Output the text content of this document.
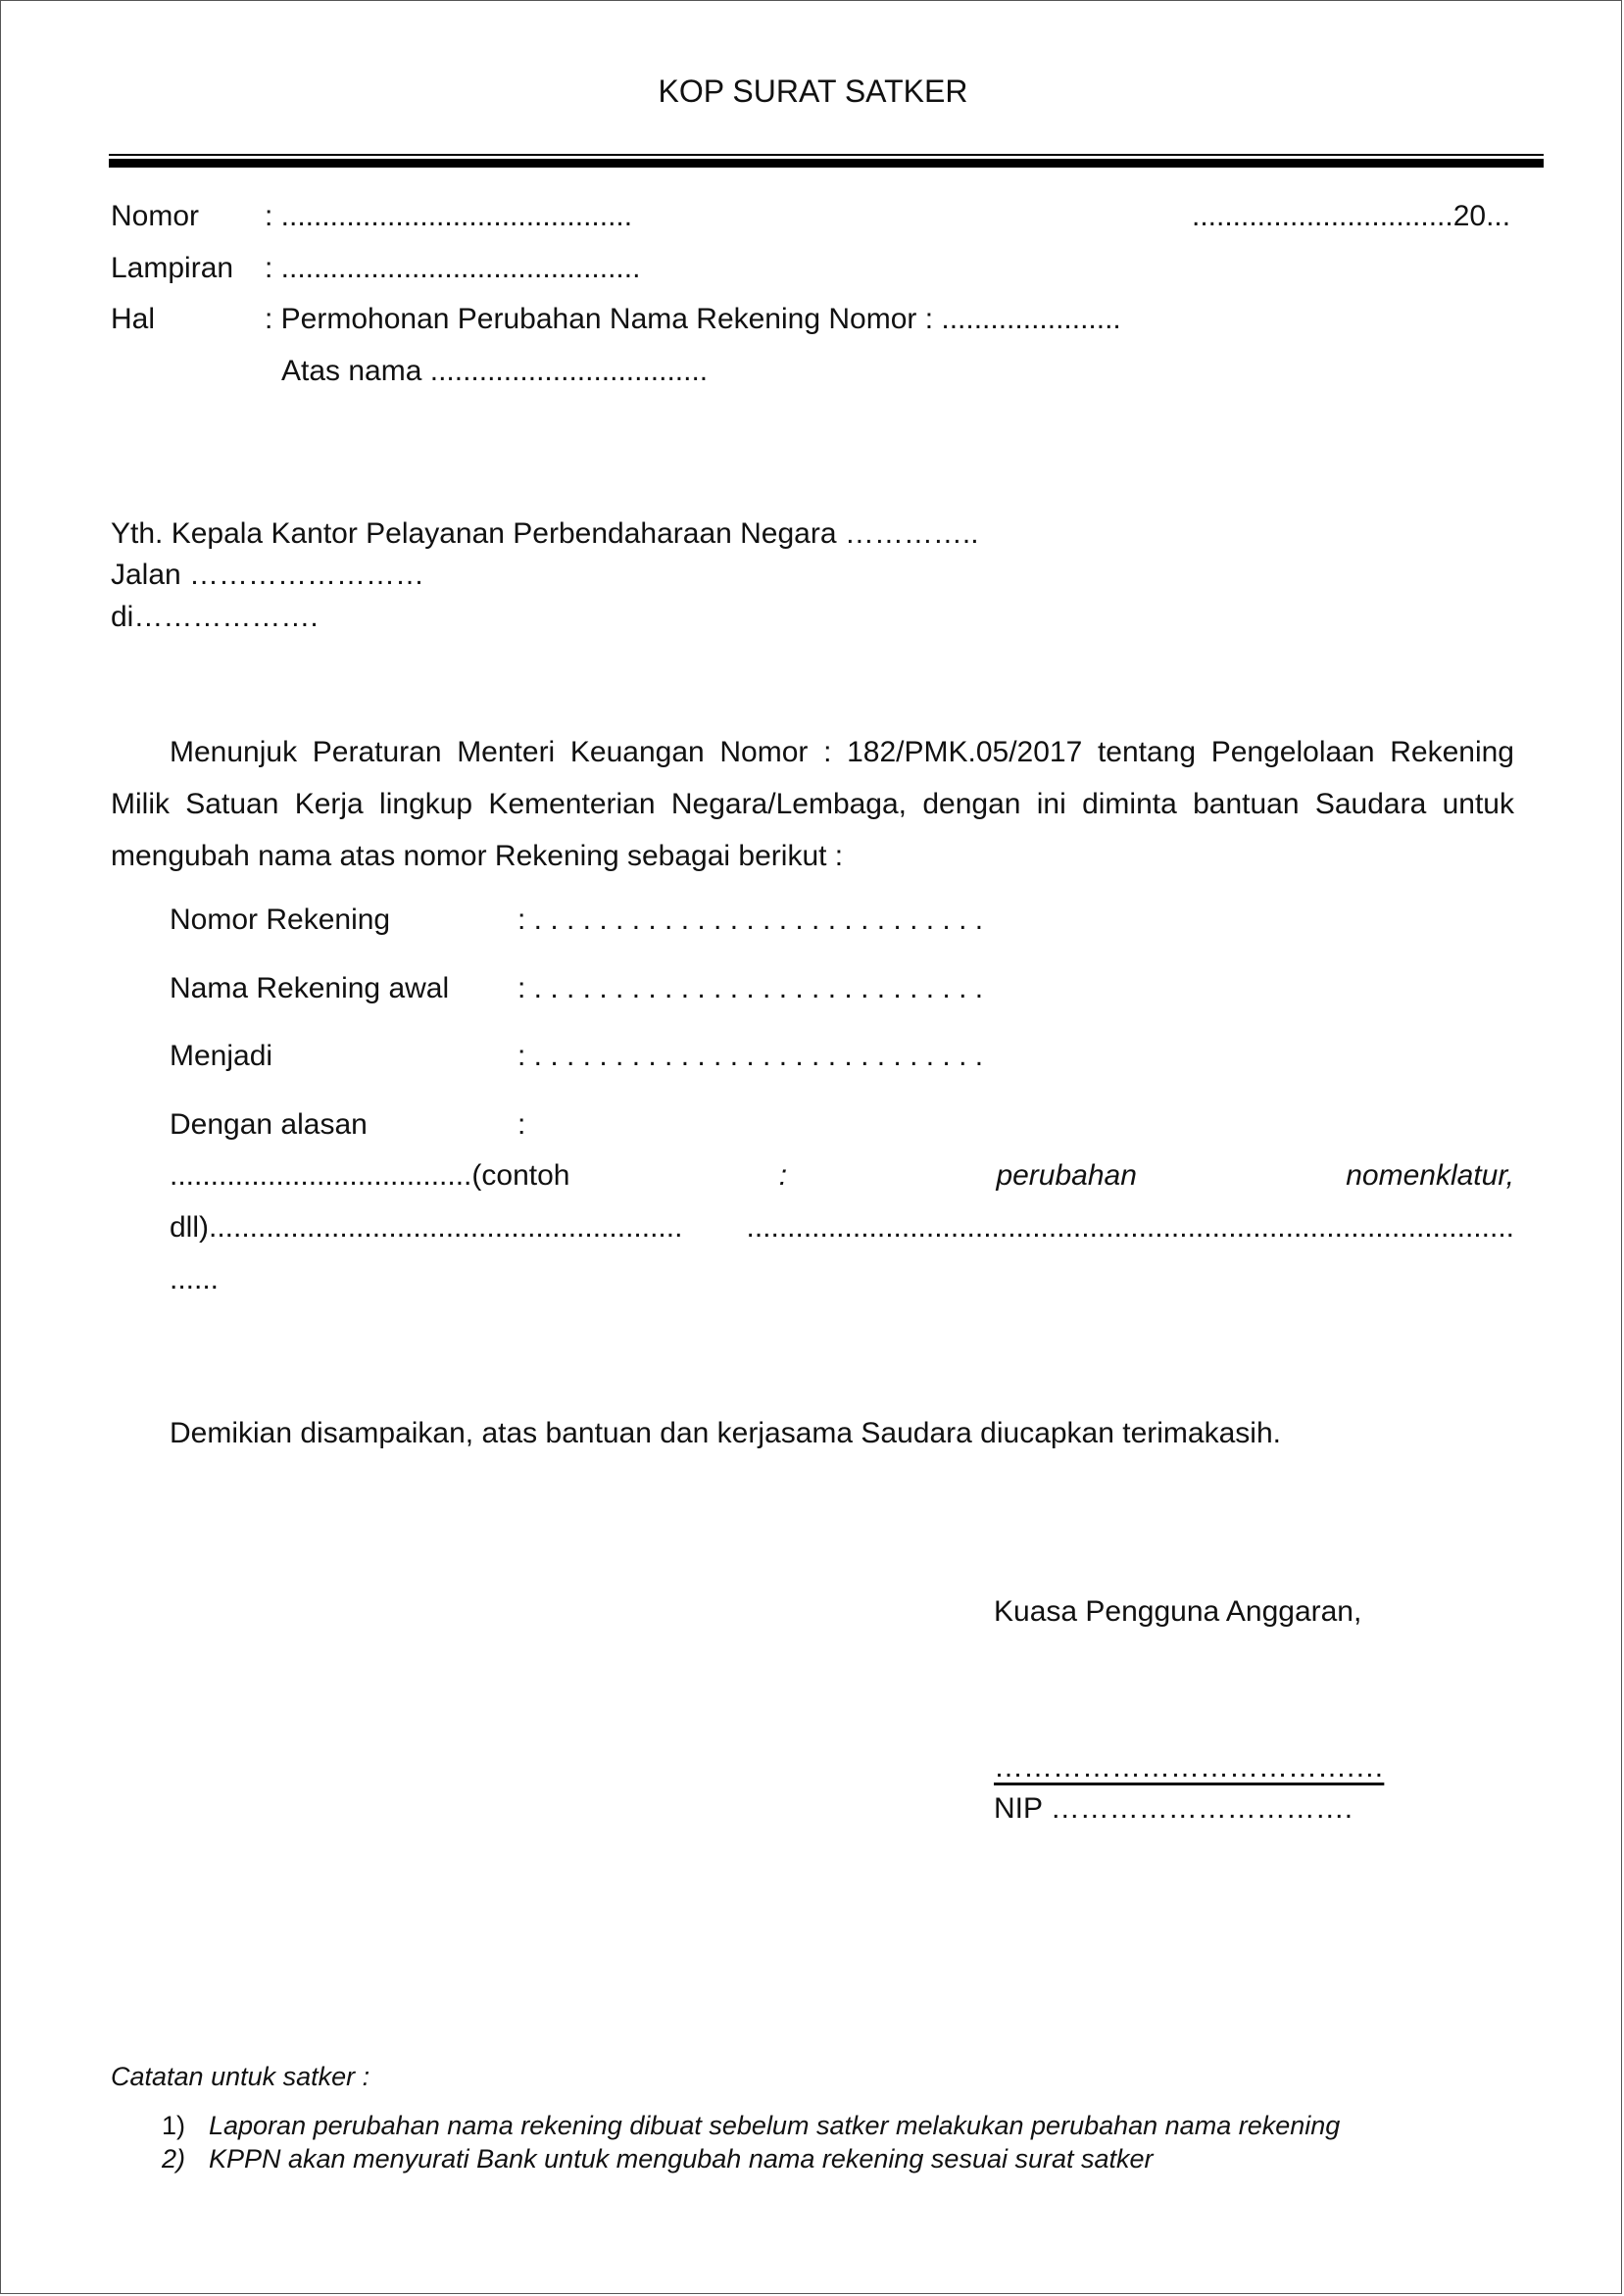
KOP SURAT SATKER
Nomor : ...........................................	................................20...
Lampiran : ............................................
Hal	: Permohonan Perubahan Nama Rekening Nomor : ......................
Atas nama ..................................
Yth. Kepala Kantor Pelayanan Perbendaharaan Negara …………..
Jalan ……………………
di……………….
Menunjuk Peraturan Menteri Keuangan Nomor : 182/PMK.05/2017 tentang Pengelolaan Rekening Milik Satuan Kerja lingkup Kementerian Negara/Lembaga, dengan ini diminta bantuan Saudara untuk mengubah nama atas nomor Rekening sebagai berikut :
Nomor Rekening	: . . . . . . . . . . . . . . . . . . . . . . . . . . . .
Nama Rekening awal : . . . . . . . . . . . . . . . . . . . . . . . . . . . .
Menjadi	: . . . . . . . . . . . . . . . . . . . . . . . . . . . .
Dengan alasan	:
.....................................(contoh	:	perubahan	nomenklatur,
dll).......................................................... ..............................................................................................
......
Demikian disampaikan, atas bantuan dan kerjasama Saudara diucapkan terimakasih.
Kuasa Pengguna Anggaran,
……………………………….…
NIP ………………………….
Catatan untuk satker :
1) Laporan perubahan nama rekening dibuat sebelum satker melakukan perubahan nama rekening
2) KPPN akan menyurati Bank untuk mengubah nama rekening sesuai surat satker
